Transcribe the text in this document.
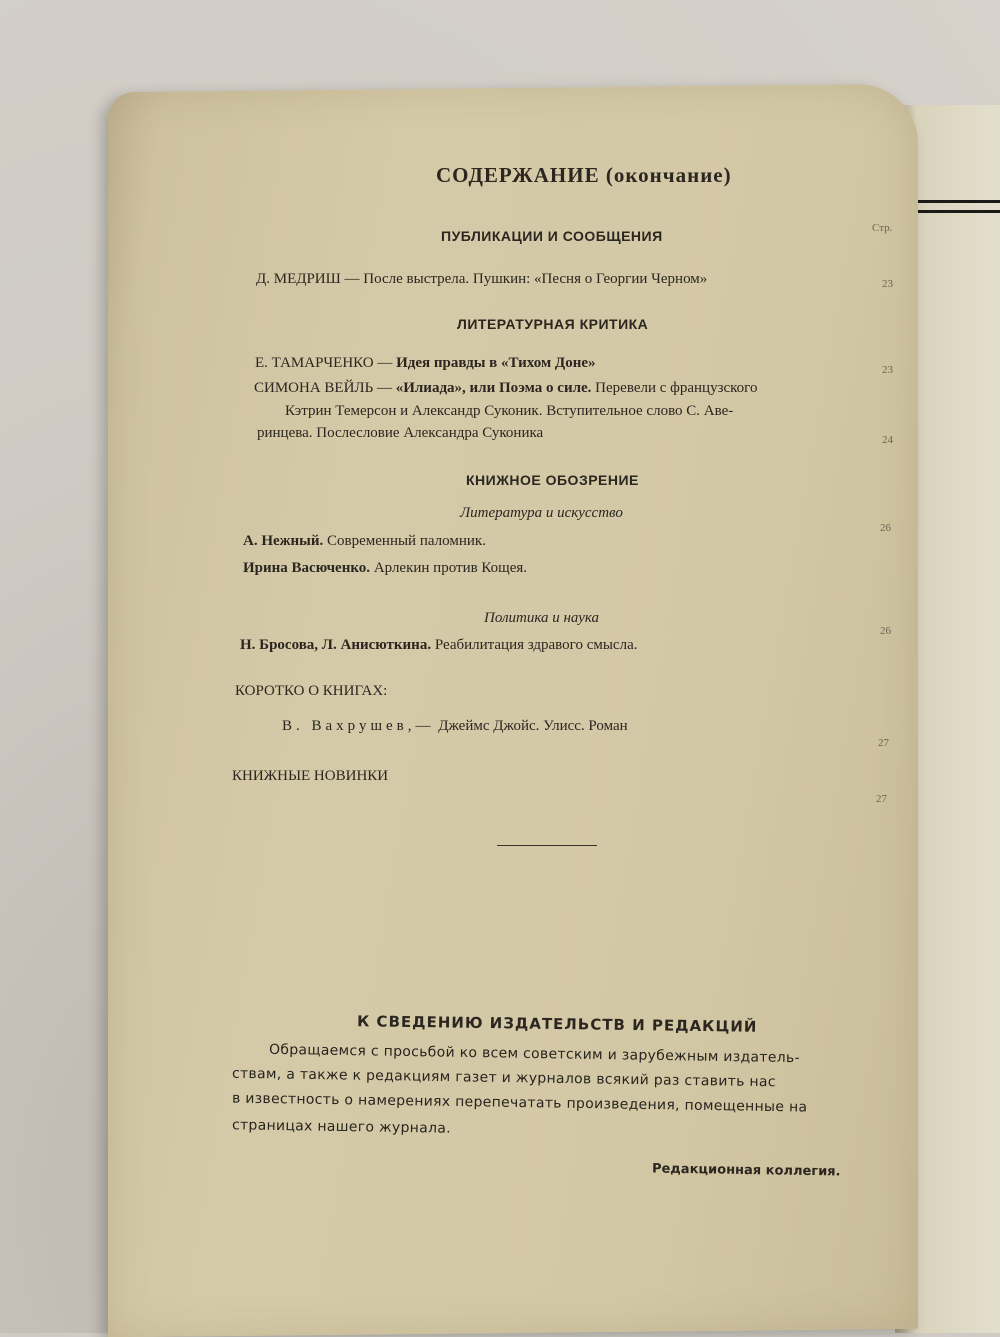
Стр.
23
23
24
26
26
27
27
СОДЕРЖАНИЕ (окончание)
ПУБЛИКАЦИИ И СООБЩЕНИЯ
Д. МЕДРИШ — После выстрела. Пушкин: «Песня о Георгии Черном»
ЛИТЕРАТУРНАЯ КРИТИКА
Е. ТАМАРЧЕНКО — Идея правды в «Тихом Доне»
СИМОНА ВЕЙЛЬ — «Илиада», или Поэма о силе. Перевели с французского
Кэтрин Темерсон и Александр Суконик. Вступительное слово С. Аве-
ринцева. Послесловие Александра Суконика
КНИЖНОЕ ОБОЗРЕНИЕ
Литература и искусство
А. Нежный. Современный паломник.
Ирина Васюченко. Арлекин против Кощея.
Политика и наука
Н. Бросова, Л. Анисюткина. Реабилитация здравого смысла.
КОРОТКО О КНИГАХ:
В. Вахрушев,— Джеймс Джойс. Улисс. Роман
КНИЖНЫЕ НОВИНКИ
К СВЕДЕНИЮ ИЗДАТЕЛЬСТВ И РЕДАКЦИЙ
Обращаемся с просьбой ко всем советским и зарубежным издатель-
ствам, а также к редакциям газет и журналов всякий раз ставить нас
в известность о намерениях перепечатать произведения, помещенные на
страницах нашего журнала.
Редакционная коллегия.
